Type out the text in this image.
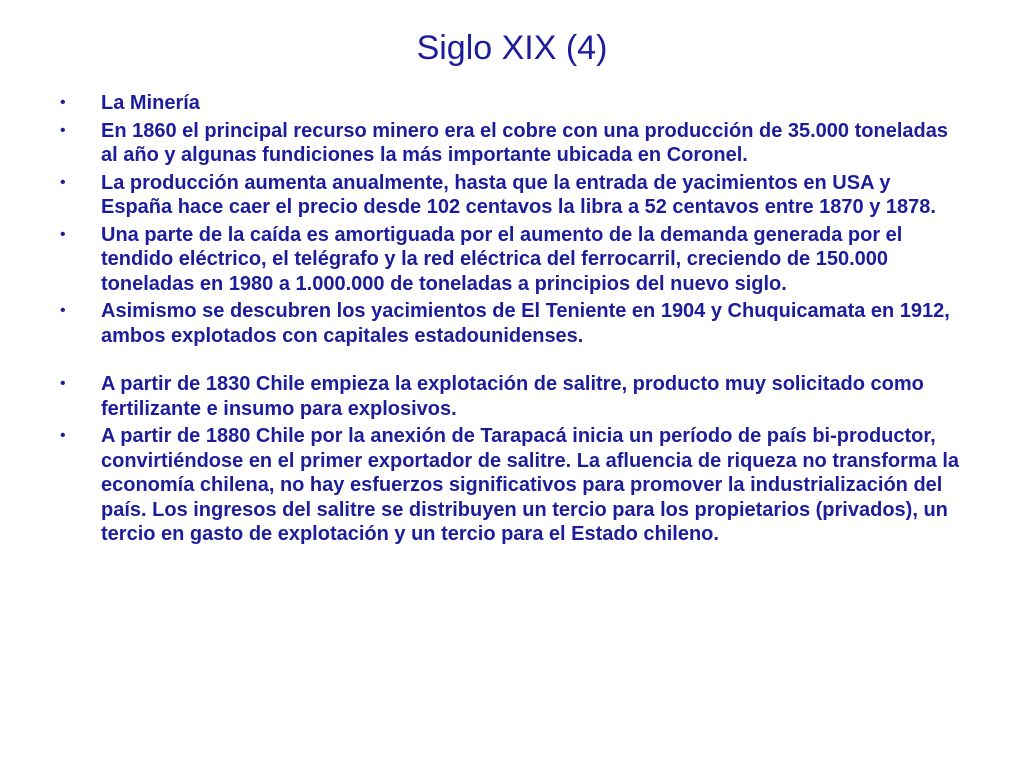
Siglo XIX (4)
• La Minería
• En 1860 el principal recurso minero era el cobre con una producción de 35.000 toneladas al año y algunas fundiciones la más importante ubicada en Coronel.
• La producción aumenta anualmente, hasta que la entrada de yacimientos en USA y España hace caer el precio desde 102 centavos la libra a 52 centavos entre 1870 y 1878.
• Una parte de la caída es amortiguada por el aumento de la demanda generada por el tendido eléctrico, el telégrafo y la red eléctrica del ferrocarril, creciendo de 150.000 toneladas en 1980 a 1.000.000 de toneladas a principios del nuevo siglo.
• Asimismo se descubren los yacimientos de El Teniente en 1904 y Chuquicamata en 1912, ambos explotados con capitales estadounidenses.
• A partir de 1830 Chile empieza la explotación de salitre, producto muy solicitado como fertilizante e insumo para explosivos.
• A partir de 1880 Chile por la anexión de Tarapacá inicia un período de país bi-productor, convirtiéndose en el primer exportador de salitre. La afluencia de riqueza no transforma la economía chilena, no hay esfuerzos significativos para promover la industrialización del país. Los ingresos del salitre se distribuyen un tercio para los propietarios (privados), un tercio en gasto de explotación y un tercio para el Estado chileno.
